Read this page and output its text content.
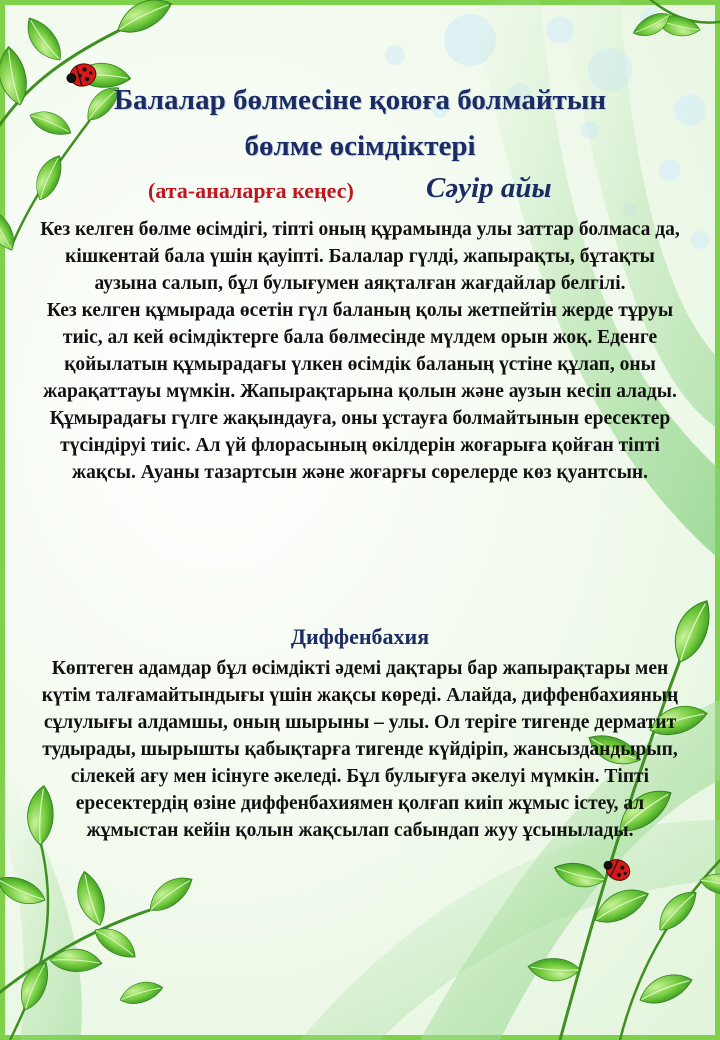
Балалар бөлмесіне қоюға болмайтын
бөлме өсімдіктері
(ата-аналарға кеңес) Сәуір айы

Кез келген бөлме өсімдігі, тіпті оның құрамында улы заттар болмаса да, кішкентай бала үшін қауіпті. Балалар гүлді, жапырақты, бұтақты аузына салып, бұл булығумен аяқталған жағдайлар белгілі.

Кез келген құмырада өсетін гүл баланың қолы жетпейтін жерде тұруы тиіс, ал кей өсімдіктерге бала бөлмесінде мүлдем орын жоқ. Еденге қойылатын құмырадағы үлкен өсімдік баланың үстіне құлап, оны жарақаттауы мүмкін. Жапырақтарына қолын және аузын кесіп алады.

Құмырадағы гүлге жақындауға, оны ұстауға болмайтынын ересектер түсіндіруі тиіс. Ал үй флорасының өкілдерін жоғарыға қойған тіпті жақсы. Ауаны тазартсын және жоғарғы сөрелерде көз қуантсын.

Диффенбахия

Көптеген адамдар бұл өсімдікті әдемі дақтары бар жапырақтары мен күтім талғамайтындығы үшін жақсы көреді. Алайда, диффенбахияның сұлулығы алдамшы, оның шырыны – улы. Ол теріге тигенде дерматит тудырады, шырышты қабықтарға тигенде күйдіріп, жансыздандырып, сілекей ағу мен ісінуге әкеледі. Бұл булығуға әкелуі мүмкін. Тіпті ересектердің өзіне диффенбахиямен қолғап киіп жұмыс істеу, ал жұмыстан кейін қолын жақсылап сабындап жуу ұсынылады.
